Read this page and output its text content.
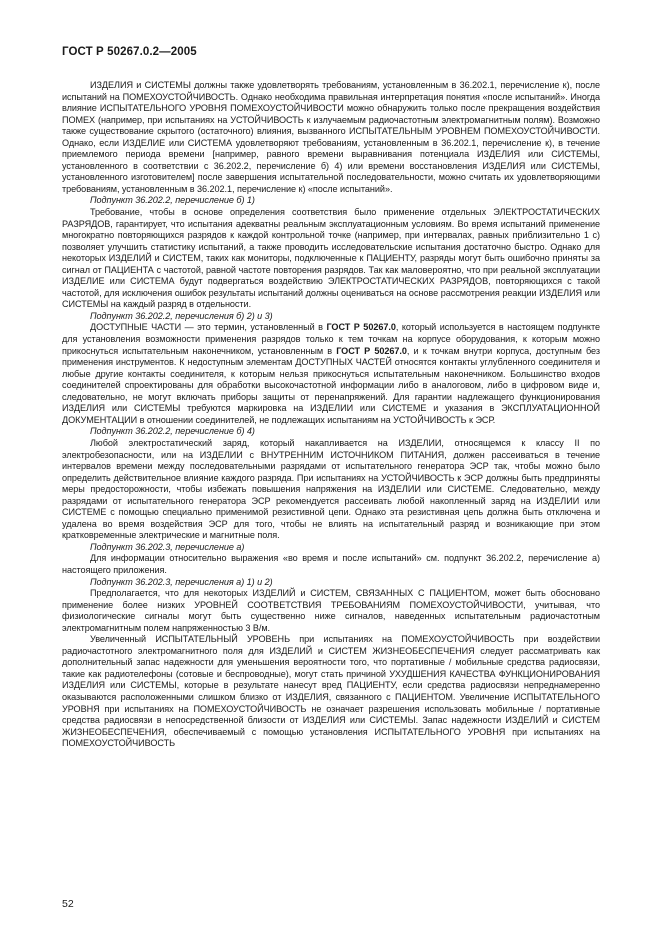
ГОСТ Р 50267.0.2—2005

ИЗДЕЛИЯ и СИСТЕМЫ должны также удовлетворять требованиям, установленным в 36.202.1, перечисление к), после испытаний на ПОМЕХОУСТОЙЧИВОСТЬ. Однако необходима правильная интерпретация понятия «после испытаний». Иногда влияние ИСПЫТАТЕЛЬНОГО УРОВНЯ ПОМЕХОУСТОЙЧИВОСТИ можно обнаружить только после прекращения воздействия ПОМЕХ (например, при испытаниях на УСТОЙЧИВОСТЬ к излучаемым радиочастотным электромагнитным полям). Возможно также существование скрытого (остаточного) влияния, вызванного ИСПЫТАТЕЛЬНЫМ УРОВНЕМ ПОМЕХОУСТОЙЧИВОСТИ. Однако, если ИЗДЕЛИЕ или СИСТЕМА удовлетворяют требованиям, установленным в 36.202.1, перечисление к), в течение приемлемого периода времени [например, равного времени выравнивания потенциала ИЗДЕЛИЯ или СИСТЕМЫ, установленного в соответствии с 36.202.2, перечисление б) 4) или времени восстановления ИЗДЕЛИЯ или СИСТЕМЫ, установленного изготовителем] после завершения испытательной последовательности, можно считать их удовлетворяющими требованиям, установленным в 36.202.1, перечисление к) «после испытаний».

Подпункт 36.202.2, перечисление б) 1)

Требование, чтобы в основе определения соответствия было применение отдельных ЭЛЕКТРОСТАТИЧЕСКИХ РАЗРЯДОВ, гарантирует, что испытания адекватны реальным эксплуатационным условиям. Во время испытаний применение многократно повторяющихся разрядов к каждой контрольной точке (например, при интервалах, равных приблизительно 1 с) позволяет улучшить статистику испытаний, а также проводить исследовательские испытания достаточно быстро. Однако для некоторых ИЗДЕЛИЙ и СИСТЕМ, таких как мониторы, подключенные к ПАЦИЕНТУ, разряды могут быть ошибочно приняты за сигнал от ПАЦИЕНТА с частотой, равной частоте повторения разрядов. Так как маловероятно, что при реальной эксплуатации ИЗДЕЛИЕ или СИСТЕМА будут подвергаться воздействию ЭЛЕКТРОСТАТИЧЕСКИХ РАЗРЯДОВ, повторяющихся с такой частотой, для исключения ошибок результаты испытаний должны оцениваться на основе рассмотрения реакции ИЗДЕЛИЯ или СИСТЕМЫ на каждый разряд в отдельности.

Подпункт 36.202.2, перечисления б) 2) и 3)

ДОСТУПНЫЕ ЧАСТИ — это термин, установленный в ГОСТ Р 50267.0, который используется в настоящем подпункте для установления возможности применения разрядов только к тем точкам на корпусе оборудования, к которым можно прикоснуться испытательным наконечником, установленным в ГОСТ Р 50267.0, и к точкам внутри корпуса, доступным без применения инструментов. К недоступным элементам ДОСТУПНЫХ ЧАСТЕЙ относятся контакты углубленного соединителя и любые другие контакты соединителя, к которым нельзя прикоснуться испытательным наконечником. Большинство входов соединителей спроектированы для обработки высокочастотной информации либо в аналоговом, либо в цифровом виде и, следовательно, не могут включать приборы защиты от перенапряжений. Для гарантии надлежащего функционирования ИЗДЕЛИЯ или СИСТЕМЫ требуются маркировка на ИЗДЕЛИИ или СИСТЕМЕ и указания в ЭКСПЛУАТАЦИОННОЙ ДОКУМЕНТАЦИИ в отношении соединителей, не подлежащих испытаниям на УСТОЙЧИВОСТЬ к ЭСР.

Подпункт 36.202.2, перечисление б) 4)

Любой электростатический заряд, который накапливается на ИЗДЕЛИИ, относящемся к классу II по электробезопасности, или на ИЗДЕЛИИ с ВНУТРЕННИМ ИСТОЧНИКОМ ПИТАНИЯ, должен рассеиваться в течение интервалов времени между последовательными разрядами от испытательного генератора ЭСР так, чтобы можно было определить действительное влияние каждого разряда. При испытаниях на УСТОЙЧИВОСТЬ к ЭСР должны быть предприняты меры предосторожности, чтобы избежать повышения напряжения на ИЗДЕЛИИ или СИСТЕМЕ. Следовательно, между разрядами от испытательного генератора ЭСР рекомендуется рассеивать любой накопленный заряд на ИЗДЕЛИИ или СИСТЕМЕ с помощью специально применимой резистивной цепи. Однако эта резистивная цепь должна быть отключена и удалена во время воздействия ЭСР для того, чтобы не влиять на испытательный разряд и возникающие при этом кратковременные электрические и магнитные поля.

Подпункт 36.202.3, перечисление а)

Для информации относительно выражения «во время и после испытаний» см. подпункт 36.202.2, перечисление а) настоящего приложения.

Подпункт 36.202.3, перечисления а) 1) и 2)

Предполагается, что для некоторых ИЗДЕЛИЙ и СИСТЕМ, СВЯЗАННЫХ С ПАЦИЕНТОМ, может быть обосновано применение более низких УРОВНЕЙ СООТВЕТСТВИЯ ТРЕБОВАНИЯМ ПОМЕХОУСТОЙЧИВОСТИ, учитывая, что физиологические сигналы могут быть существенно ниже сигналов, наведенных испытательным радиочастотным электромагнитным полем напряженностью 3 В/м.

Увеличенный ИСПЫТАТЕЛЬНЫЙ УРОВЕНЬ при испытаниях на ПОМЕХОУСТОЙЧИВОСТЬ при воздействии радиочастотного электромагнитного поля для ИЗДЕЛИЙ и СИСТЕМ ЖИЗНЕОБЕСПЕЧЕНИЯ следует рассматривать как дополнительный запас надежности для уменьшения вероятности того, что портативные / мобильные средства радиосвязи, такие как радиотелефоны (сотовые и беспроводные), могут стать причиной УХУДШЕНИЯ КАЧЕСТВА ФУНКЦИОНИРОВАНИЯ ИЗДЕЛИЯ или СИСТЕМЫ, которые в результате нанесут вред ПАЦИЕНТУ, если средства радиосвязи непреднамеренно оказываются расположенными слишком близко от ИЗДЕЛИЯ, связанного с ПАЦИЕНТОМ. Увеличение ИСПЫТАТЕЛЬНОГО УРОВНЯ при испытаниях на ПОМЕХОУСТОЙЧИВОСТЬ не означает разрешения использовать мобильные / портативные средства радиосвязи в непосредственной близости от ИЗДЕЛИЯ или СИСТЕМЫ. Запас надежности ИЗДЕЛИЙ и СИСТЕМ ЖИЗНЕОБЕСПЕЧЕНИЯ, обеспечиваемый с помощью установления ИСПЫТАТЕЛЬНОГО УРОВНЯ при испытаниях на ПОМЕХОУСТОЙЧИВОСТЬ

52
